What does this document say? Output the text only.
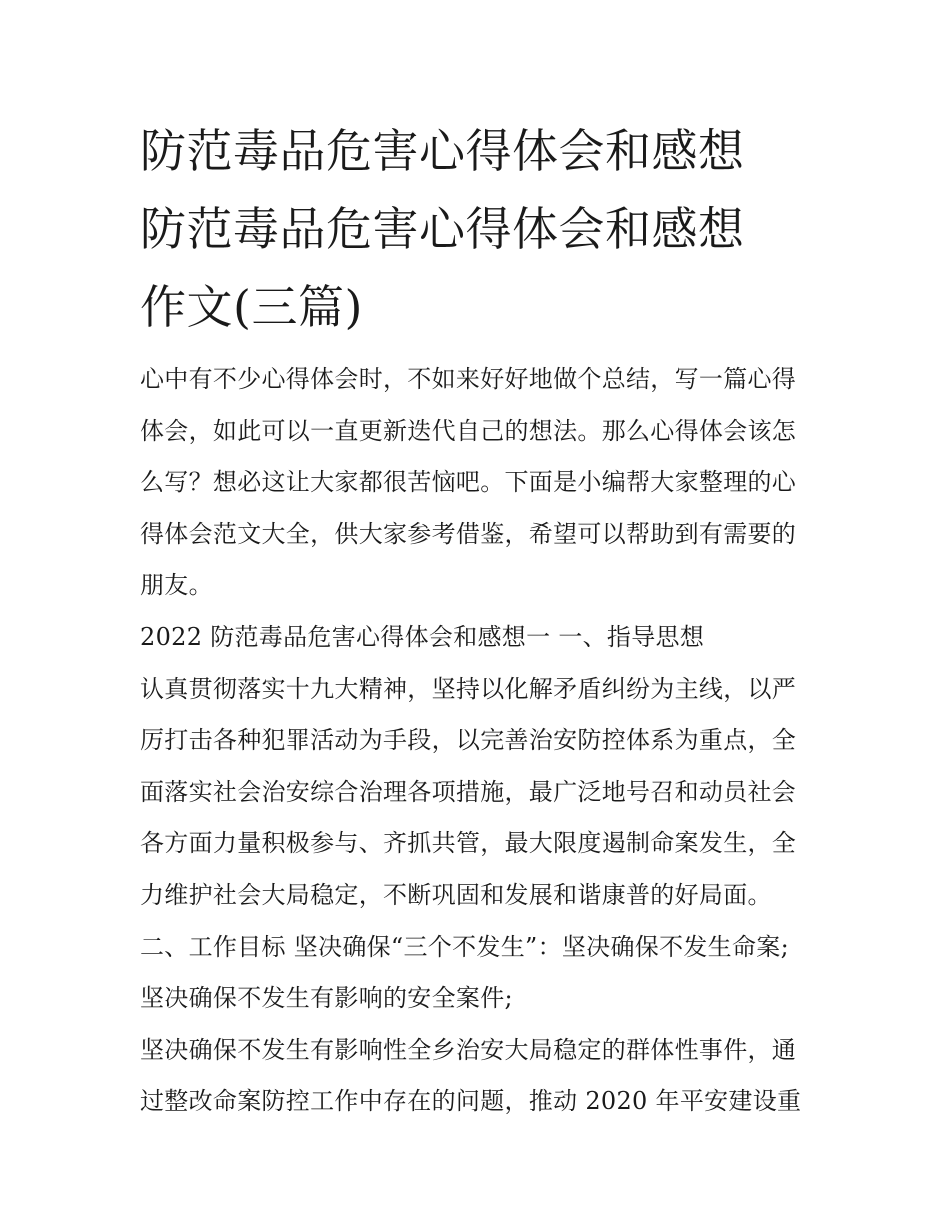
防范毒品危害心得体会和感想
防范毒品危害心得体会和感想
作文(三篇)
心中有不少心得体会时，不如来好好地做个总结，写一篇心得
体会，如此可以一直更新迭代自己的想法。那么心得体会该怎
么写？想必这让大家都很苦恼吧。下面是小编帮大家整理的心
得体会范文大全，供大家参考借鉴，希望可以帮助到有需要的
朋友。
2022 防范毒品危害心得体会和感想一 一、指导思想
认真贯彻落实十九大精神，坚持以化解矛盾纠纷为主线，以严
厉打击各种犯罪活动为手段，以完善治安防控体系为重点，全
面落实社会治安综合治理各项措施，最广泛地号召和动员社会
各方面力量积极参与、齐抓共管，最大限度遏制命案发生，全
力维护社会大局稳定，不断巩固和发展和谐康普的好局面。
二、工作目标 坚决确保“三个不发生”：坚决确保不发生命案;
坚决确保不发生有影响的安全案件;
坚决确保不发生有影响性全乡治安大局稳定的群体性事件，通
过整改命案防控工作中存在的问题，推动 2020 年平安建设重
